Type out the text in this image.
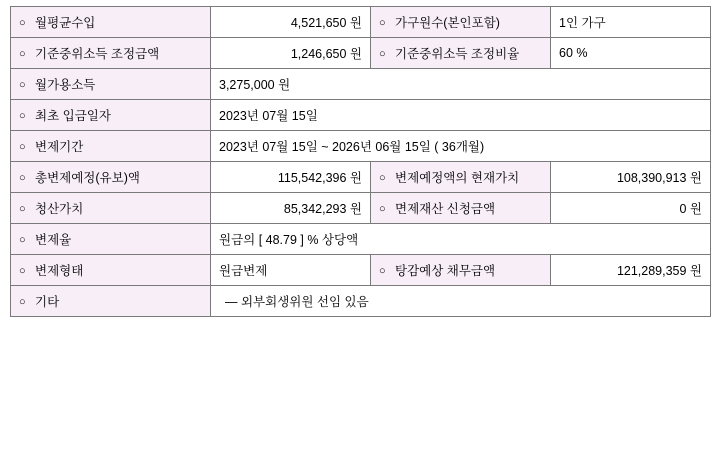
○ 월평균수입	4,521,650 원	○ 가구원수(본인포함)	1인 가구

○ 기준중위소득 조정금액	1,246,650 원	○ 기준중위소득 조정비율	60 %

○ 월가용소득	3,275,000 원		

○ 최초 입금일자	2023년 07월 15일		

○ 변제기간	2023년 07월 15일 ~ 2026년 06월 15일 ( 36개월)		

○ 총변제예정(유보)액	115,542,396 원	○ 변제예정액의 현재가치	108,390,913 원

○ 청산가치	85,342,293 원	○ 면제재산 신청금액	0 원

○ 변제율	원금의 [ 48.79 ] % 상당액		

○ 변제형태	원금변제	○ 탕감예상 채무금액	121,289,359 원

○ 기타	— 외부회생위원 선임 있음		
